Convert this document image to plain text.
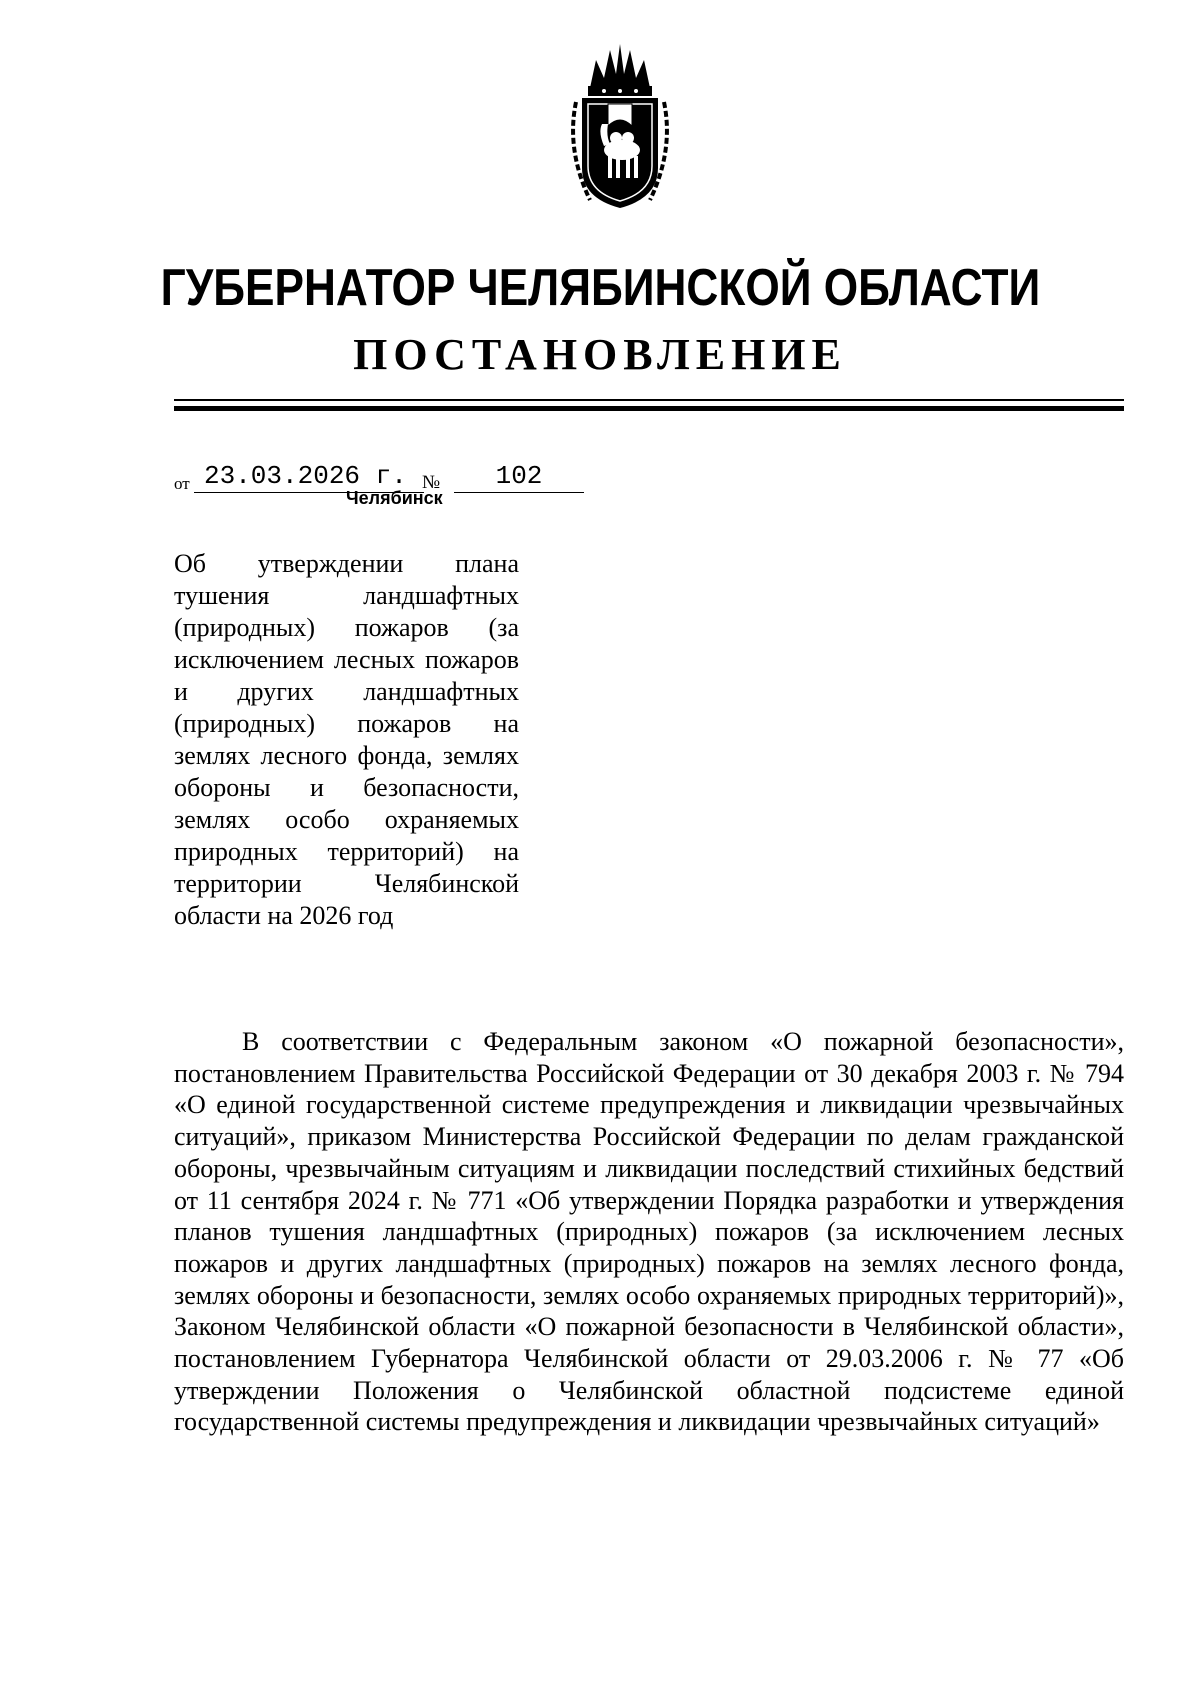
ГУБЕРНАТОР ЧЕЛЯБИНСКОЙ ОБЛАСТИ
ПОСТАНОВЛЕНИЕ
от 23.03.2026 г. №	102
Челябинск

Об утверждении плана тушения ландшафтных (природных) пожаров (за исключением лесных пожаров и других ландшафтных (природных) пожаров на землях лесного фонда, землях обороны и безопасности, землях особо охраняемых природных территорий) на территории Челябинской области на 2026 год

В соответствии с Федеральным законом «О пожарной безопасности», постановлением Правительства Российской Федерации от 30 декабря 2003 г. № 794 «О единой государственной системе предупреждения и ликвидации чрезвычайных ситуаций», приказом Министерства Российской Федерации по делам гражданской обороны, чрезвычайным ситуациям и ликвидации последствий стихийных бедствий от 11 сентября 2024 г. № 771 «Об утверждении Порядка разработки и утверждения планов тушения ландшафтных (природных) пожаров (за исключением лесных пожаров и других ландшафтных (природных) пожаров на землях лесного фонда, землях обороны и безопасности, землях особо охраняемых природных территорий)», Законом Челябинской области «О пожарной безопасности в Челябинской области», постановлением Губернатора Челябинской области от 29.03.2006 г. № 77 «Об утверждении Положения о Челябинской областной подсистеме единой государственной системы предупреждения и ликвидации чрезвычайных ситуаций»
